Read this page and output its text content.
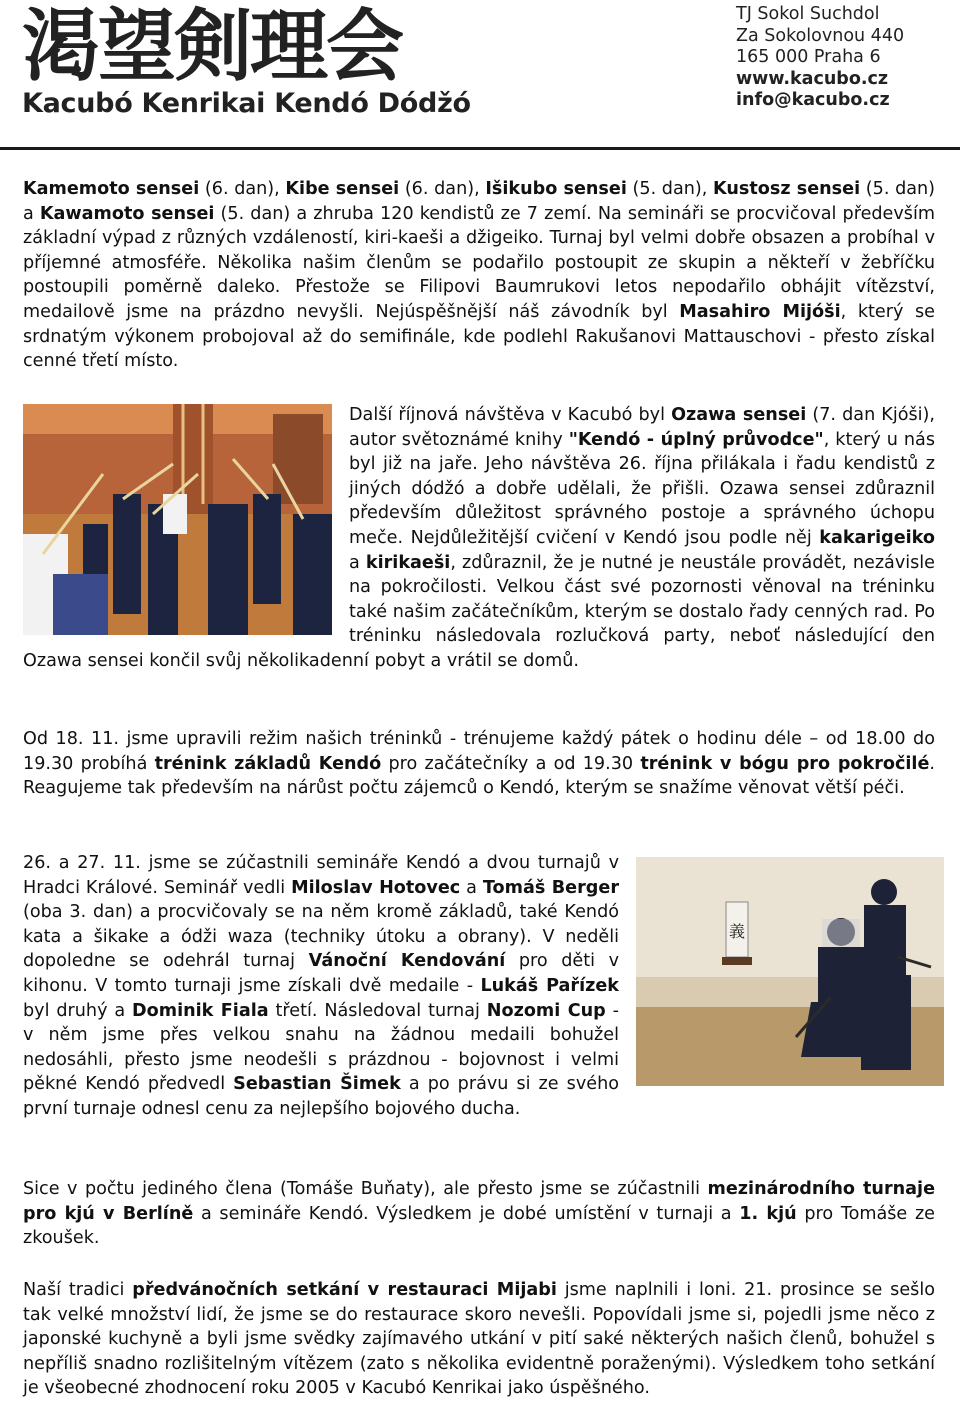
渇望剣理会
Kacubó Kenrikai Kendó Dódžó
TJ Sokol Suchdol
Za Sokolovnou 440
165 000 Praha 6
www.kacubo.cz
info@kacubo.cz
Kamemoto sensei (6. dan), Kibe sensei (6. dan), Išikubo sensei (5. dan), Kustosz sensei (5. dan) a Kawamoto sensei (5. dan) a zhruba 120 kendistů ze 7 zemí. Na semináři se procvičoval především základní výpad z různých vzdáleností, kiri-kaeši a džigeiko. Turnaj byl velmi dobře obsazen a probíhal v příjemné atmosféře. Několika našim členům se podařilo postoupit ze skupin a někteří v žebříčku postoupili poměrně daleko. Přestože se Filipovi Baumrukovi letos nepodařilo obhájit vítězství, medailově jsme na prázdno nevyšli. Nejúspěšnější náš závodník byl Masahiro Mijóši, který se srdnatým výkonem probojoval až do semifinále, kde podlehl Rakušanovi Mattauschovi - přesto získal cenné třetí místo.
Další říjnová návštěva v Kacubó byl Ozawa sensei (7. dan Kjóši), autor světoznámé knihy "Kendó - úplný průvodce", který u nás byl již na jaře. Jeho návštěva 26. října přilákala i řadu kendistů z jiných dódžó a dobře udělali, že přišli. Ozawa sensei zdůraznil především důležitost správného postoje a správného úchopu meče. Nejdůležitější cvičení v Kendó jsou podle něj kakarigeiko a kirikaeši, zdůraznil, že je nutné je neustále provádět, nezávisle na pokročilosti. Velkou část své pozornosti věnoval na tréninku také našim začátečníkům, kterým se dostalo řady cenných rad. Po tréninku následovala rozlučková party, neboť následující den Ozawa sensei končil svůj několikadenní pobyt a vrátil se domů.
Od 18. 11. jsme upravili režim našich tréninků - trénujeme každý pátek o hodinu déle – od 18.00 do 19.30 probíhá trénink základů Kendó pro začátečníky a od 19.30 trénink v bógu pro pokročilé. Reagujeme tak především na nárůst počtu zájemců o Kendó, kterým se snažíme věnovat větší péči.
義
26. a 27. 11. jsme se zúčastnili semináře Kendó a dvou turnajů v Hradci Králové. Seminář vedli Miloslav Hotovec a Tomáš Berger (oba 3. dan) a procvičovaly se na něm kromě základů, také Kendó kata a šikake a ódži waza (techniky útoku a obrany). V neděli dopoledne se odehrál turnaj Vánoční Kendování pro děti v kihonu. V tomto turnaji jsme získali dvě medaile - Lukáš Pařízek byl druhý a Dominik Fiala třetí. Následoval turnaj Nozomi Cup - v něm jsme přes velkou snahu na žádnou medaili bohužel nedosáhli, přesto jsme neodešli s prázdnou - bojovnost i velmi pěkné Kendó předvedl Sebastian Šimek a po právu si ze svého první turnaje odnesl cenu za nejlepšího bojového ducha.
Sice v počtu jediného člena (Tomáše Buňaty), ale přesto jsme se zúčastnili mezinárodního turnaje pro kjú v Berlíně a semináře Kendó. Výsledkem je dobé umístění v turnaji a 1. kjú pro Tomáše ze zkoušek.
Naší tradici předvánočních setkání v restauraci Mijabi jsme naplnili i loni. 21. prosince se sešlo tak velké množství lidí, že jsme se do restaurace skoro nevešli. Popovídali jsme si, pojedli jsme něco z japonské kuchyně a byli jsme svědky zajímavého utkání v pití saké některých našich členů, bohužel s nepříliš snadno rozlišitelným vítězem (zato s několika evidentně poraženými). Výsledkem toho setkání je všeobecné zhodnocení roku 2005 v Kacubó Kenrikai jako úspěšného.
